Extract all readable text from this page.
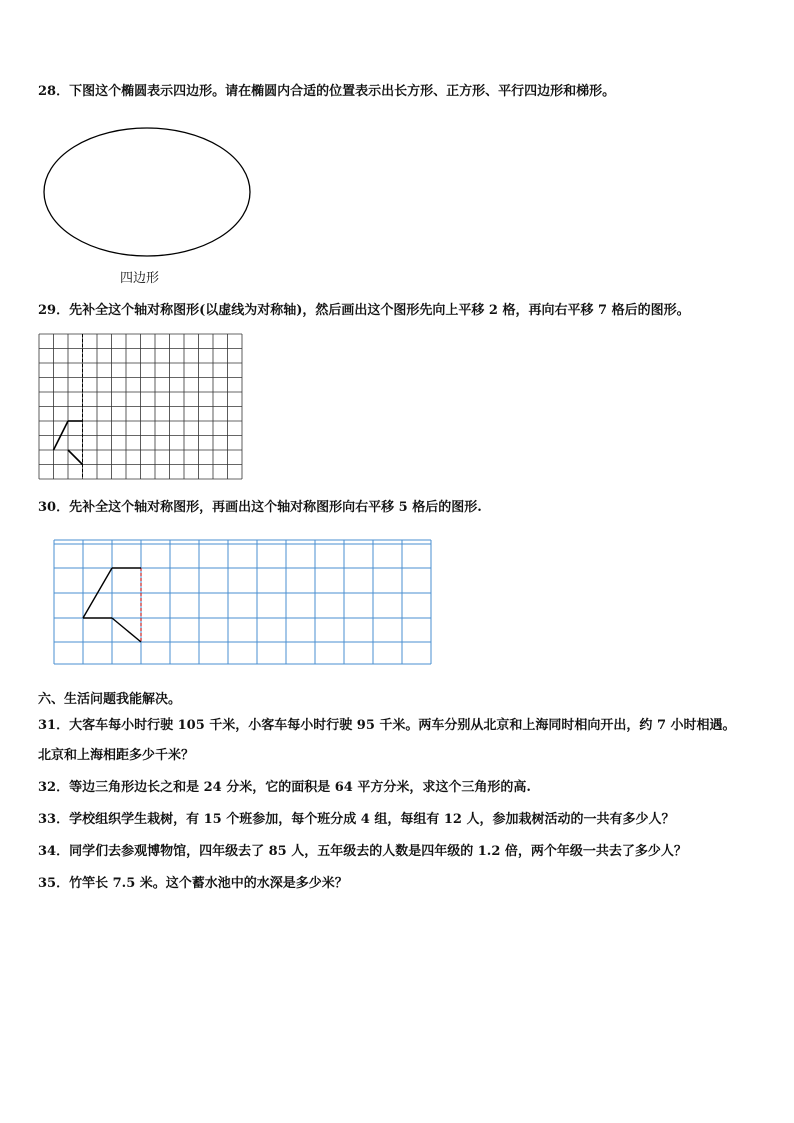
28．下图这个椭圆表示四边形。请在椭圆内合适的位置表示出长方形、正方形、平行四边形和梯形。
四边形
29．先补全这个轴对称图形(以虚线为对称轴)，然后画出这个图形先向上平移 2 格，再向右平移 7 格后的图形。
30．先补全这个轴对称图形，再画出这个轴对称图形向右平移 5 格后的图形.
六、生活问题我能解决。
31．大客车每小时行驶 105 千米，小客车每小时行驶 95 千米。两车分别从北京和上海同时相向开出，约 7 小时相遇。
北京和上海相距多少千米？
32．等边三角形边长之和是 24 分米，它的面积是 64 平方分米，求这个三角形的高.
33．学校组织学生栽树，有 15 个班参加，每个班分成 4 组，每组有 12 人，参加栽树活动的一共有多少人？
34．同学们去参观博物馆，四年级去了 85 人，五年级去的人数是四年级的 1.2 倍，两个年级一共去了多少人？
35．竹竿长 7.5 米。这个蓄水池中的水深是多少米？
